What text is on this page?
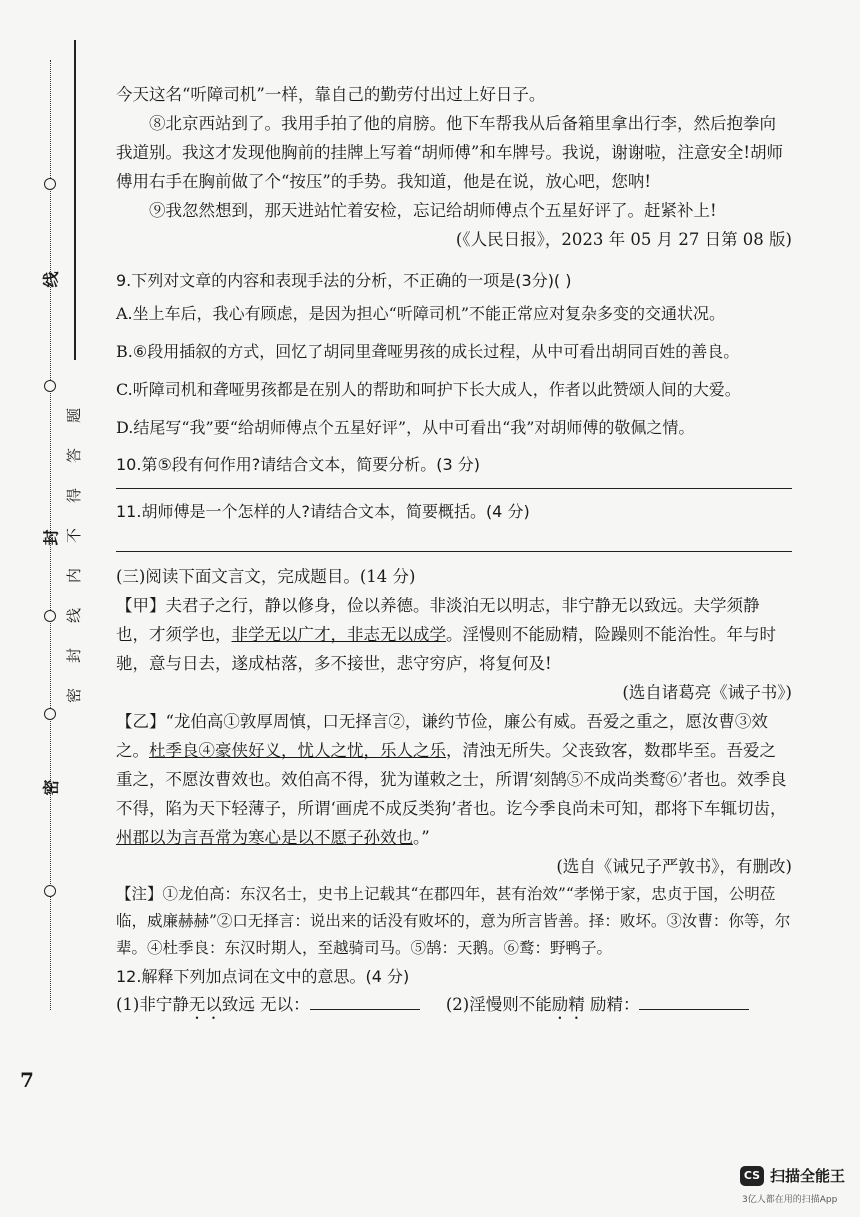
线
封
密
题
答
得
不
内
线
封
密

今天这名“听障司机”一样，靠自己的勤劳付出过上好日子。

⑧北京西站到了。我用手拍了他的肩膀。他下车帮我从后备箱里拿出行李，然后抱拳向我道别。我这才发现他胸前的挂牌上写着“胡师傅”和车牌号。我说，谢谢啦，注意安全!胡师傅用右手在胸前做了个“按压”的手势。我知道，他是在说，放心吧，您呐!

⑨我忽然想到，那天进站忙着安检，忘记给胡师傅点个五星好评了。赶紧补上!

(《人民日报》，2023 年 05 月 27 日第 08 版)

9.下列对文章的内容和表现手法的分析，不正确的一项是(3分)( )

A.坐上车后，我心有顾虑，是因为担心“听障司机”不能正常应对复杂多变的交通状况。

B.⑥段用插叙的方式，回忆了胡同里聋哑男孩的成长过程，从中可看出胡同百姓的善良。

C.听障司机和聋哑男孩都是在别人的帮助和呵护下长大成人，作者以此赞颂人间的大爱。

D.结尾写“我”要“给胡师傅点个五星好评”，从中可看出“我”对胡师傅的敬佩之情。

10.第⑤段有何作用?请结合文本，简要分析。(3 分)

11.胡师傅是一个怎样的人?请结合文本，简要概括。(4 分)

(三)阅读下面文言文，完成题目。(14 分)

【甲】夫君子之行，静以修身，俭以养德。非淡泊无以明志，非宁静无以致远。夫学须静也，才须学也，非学无以广才，非志无以成学。淫慢则不能励精，险躁则不能治性。年与时驰，意与日去，遂成枯落，多不接世，悲守穷庐，将复何及!

(选自诸葛亮《诫子书》)

【乙】“龙伯高①敦厚周慎，口无择言②，谦约节俭，廉公有威。吾爱之重之，愿汝曹③效之。杜季良④豪侠好义，忧人之忧，乐人之乐，清浊无所失。父丧致客，数郡毕至。吾爱之重之，不愿汝曹效也。效伯高不得，犹为谨敕之士，所谓‘刻鹄⑤不成尚类鹜⑥’者也。效季良不得，陷为天下轻薄子，所谓‘画虎不成反类狗’者也。讫今季良尚未可知，郡将下车辄切齿，州郡以为言吾常为寒心是以不愿子孙效也。”

(选自《诫兄子严敦书》，有删改)

【注】①龙伯高：东汉名士，史书上记载其“在郡四年，甚有治效”“孝悌于家，忠贞于国，公明莅临，威廉赫赫”②口无择言：说出来的话没有败坏的，意为所言皆善。择：败坏。③汝曹：你等，尔辈。④杜季良：东汉时期人，至越骑司马。⑤鹄：天鹅。⑥鹜：野鸭子。

12.解释下列加点词在文中的意思。(4 分)

(1)非宁静无以致远 无以：	(2)淫慢则不能励精 励精：

7
CS 扫描全能王
3亿人都在用的扫描App
